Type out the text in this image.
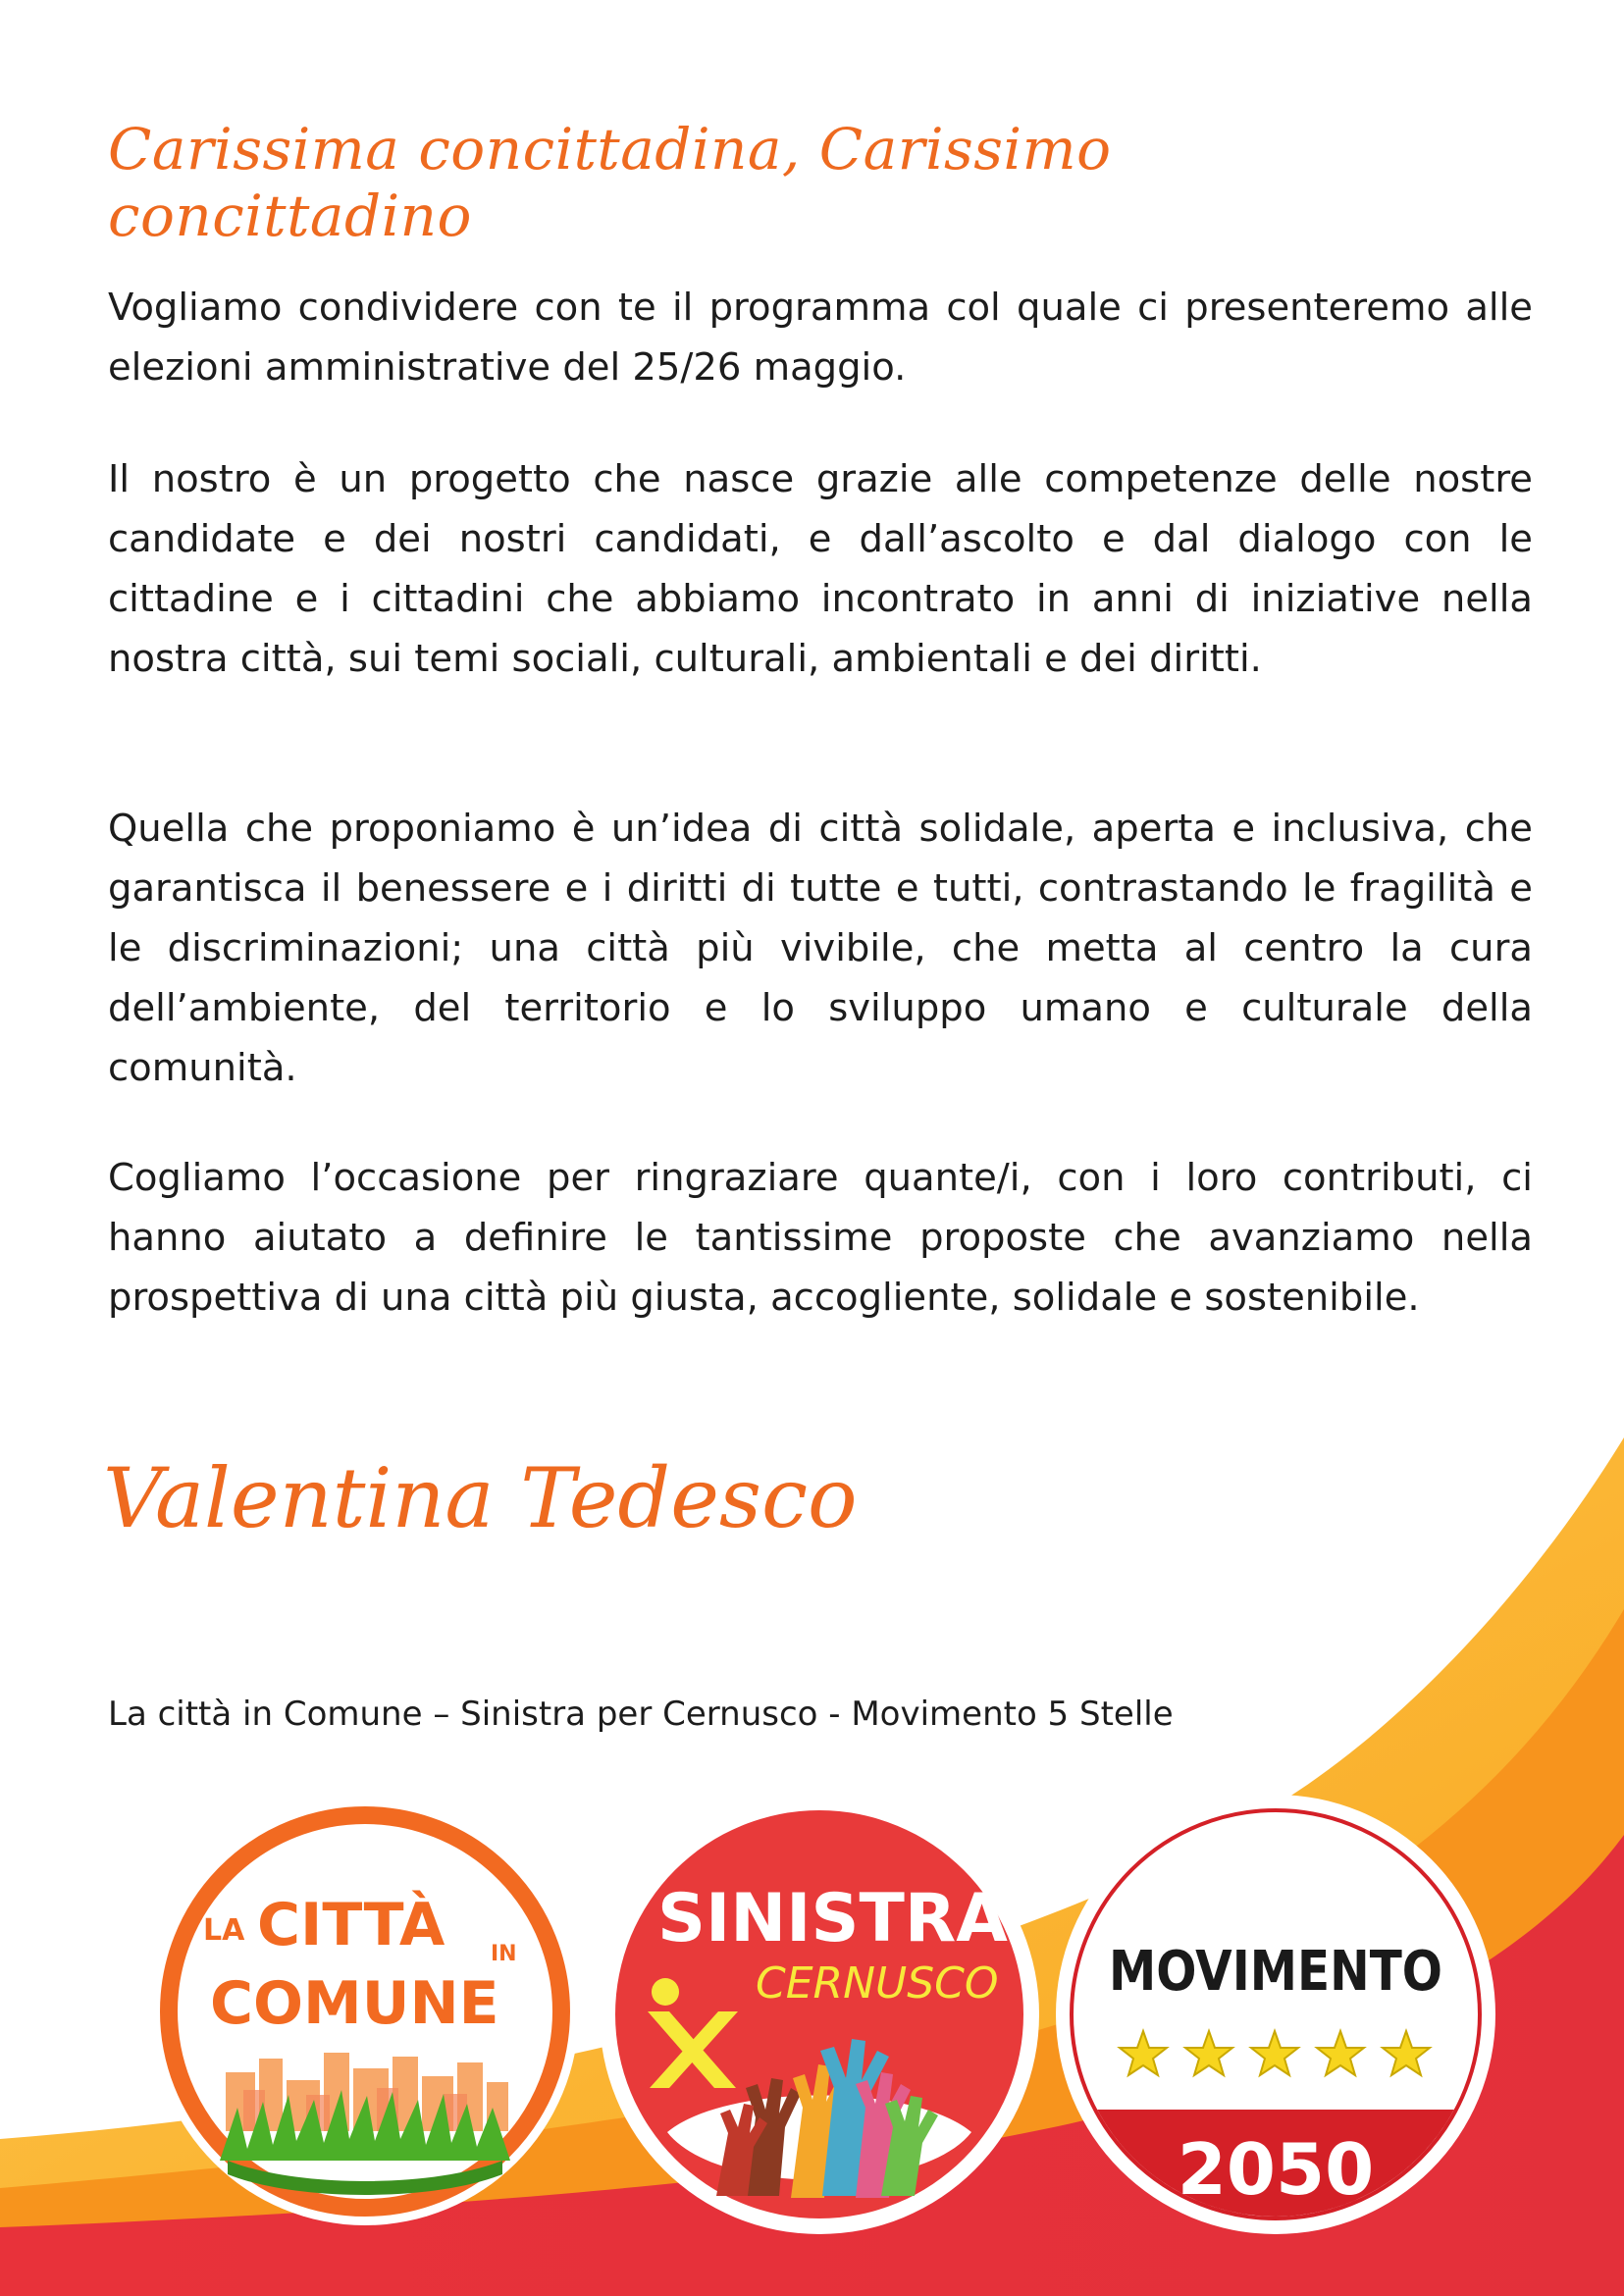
Carissima concittadina, Carissimo concittadino
Vogliamo condividere con te il programma col quale ci presenteremo alle elezioni amministrative del 25/26 maggio.
Il nostro è un progetto che nasce grazie alle competenze delle nostre candidate e dei nostri candidati, e dall’ascolto e dal dialogo con le cittadine e i cittadini che abbiamo incontrato in anni di iniziative nella nostra città, sui temi sociali, culturali, ambientali e dei diritti.
Quella che proponiamo è un’idea di città solidale, aperta e inclusiva, che garantisca il benessere e i diritti di tutte e tutti, contrastando le fragilità e le discriminazioni; una città più vivibile, che metta al centro la cura dell’ambiente, del territorio e lo sviluppo umano e culturale della comunità.
Cogliamo l’occasione per ringraziare quante/i, con i loro contributi, ci hanno aiutato a definire le tantissime proposte che avanziamo nella prospettiva di una città più giusta, accogliente, solidale e sostenibile.
Valentina Tedesco
La città in Comune – Sinistra per Cernusco - Movimento 5 Stelle
LA CITTÀ IN
COMUNE
SINISTRA
CERNUSCO MOVIMENTO
2050
